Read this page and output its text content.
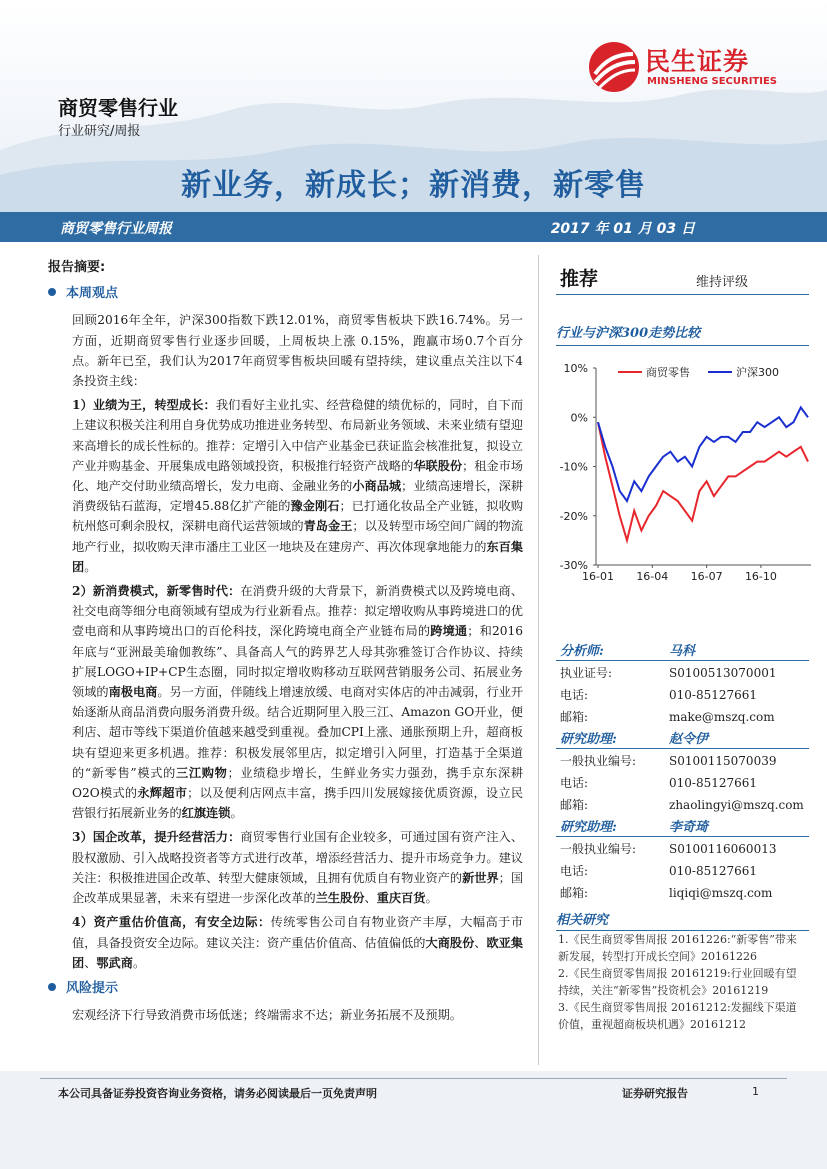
民生证券
MINSHENG SECURITIES
商贸零售行业
行业研究/周报
新业务，新成长；新消费，新零售
商贸零售行业周报	2017 年 01 月 03 日

报告摘要:

本周观点

回顾2016年全年，沪深300指数下跌12.01%，商贸零售板块下跌16.74%。另一方面，近期商贸零售行业逐步回暖，上周板块上涨 0.15%，跑赢市场0.7个百分点。新年已至，我们认为2017年商贸零售板块回暖有望持续，建议重点关注以下4条投资主线：

1）业绩为王，转型成长：我们看好主业扎实、经营稳健的绩优标的，同时，自下而上建议积极关注利用自身优势成功推进业务转型、布局新业务领域、未来业绩有望迎来高增长的成长性标的。推荐：定增引入中信产业基金已获证监会核准批复，拟设立产业并购基金、开展集成电路领域投资，积极推行轻资产战略的华联股份；租金市场化、地产交付助业绩高增长，发力电商、金融业务的小商品城；业绩高速增长，深耕消费级钻石蓝海，定增45.88亿扩产能的豫金刚石；已打通化妆品全产业链，拟收购杭州悠可剩余股权，深耕电商代运营领域的青岛金王；以及转型市场空间广阔的物流地产行业，拟收购天津市潘庄工业区一地块及在建房产、再次体现拿地能力的东百集团。

2）新消费模式，新零售时代：在消费升级的大背景下，新消费模式以及跨境电商、社交电商等细分电商领域有望成为行业新看点。推荐：拟定增收购从事跨境进口的优壹电商和从事跨境出口的百伦科技，深化跨境电商全产业链布局的跨境通；和2016年底与“亚洲最美瑜伽教练”、具备高人气的跨界艺人母其弥雅签订合作协议、持续扩展LOGO+IP+CP生态圈，同时拟定增收购移动互联网营销服务公司、拓展业务领域的南极电商。另一方面，伴随线上增速放缓、电商对实体店的冲击减弱，行业开始逐渐从商品消费向服务消费升级。结合近期阿里入股三江、Amazon GO开业，便利店、超市等线下渠道价值越来越受到重视。叠加CPI上涨、通胀预期上升，超商板块有望迎来更多机遇。推荐：积极发展邻里店，拟定增引入阿里，打造基于全渠道的“新零售”模式的三江购物；业绩稳步增长，生鲜业务实力强劲，携手京东深耕O2O模式的永辉超市；以及便利店网点丰富，携手四川发展嫁接优质资源，设立民营银行拓展新业务的红旗连锁。

3）国企改革，提升经营活力：商贸零售行业国有企业较多，可通过国有资产注入、股权激励、引入战略投资者等方式进行改革，增添经营活力、提升市场竞争力。建议关注：积极推进国企改革、转型大健康领域，且拥有优质自有物业资产的新世界；国企改革成果显著，未来有望进一步深化改革的兰生股份、重庆百货。

4）资产重估价值高，有安全边际：传统零售公司自有物业资产丰厚，大幅高于市值，具备投资安全边际。建议关注：资产重估价值高、估值偏低的大商股份、欧亚集团、鄂武商。

风险提示

宏观经济下行导致消费市场低迷；终端需求不达；新业务拓展不及预期。

推荐	维持评级
行业与沪深300走势比较
10%
0%
-10%
-20%
-30%
16-01 16-04 16-07 16-10
商贸零售	沪深300
分析师:	马科
执业证号:	S0100513070001
电话:	010-85127661
邮箱:	make@mszq.com
研究助理:	赵令伊
一般执业编号:	S0100115070039
电话:	010-85127661
邮箱:	zhaolingyi@mszq.com
研究助理:	李奇琦
一般执业编号:	S0100116060013
电话:	010-85127661
邮箱:	liqiqi@mszq.com
相关研究
1.《民生商贸零售周报 20161226:“新零售”带来新发展，转型打开成长空间》20161226
2.《民生商贸零售周报 20161219:行业回暖有望持续，关注“新零售”投资机会》20161219
3.《民生商贸零售周报 20161212:发掘线下渠道价值，重视超商板块机遇》20161212
本公司具备证券投资咨询业务资格，请务必阅读最后一页免责声明	证券研究报告	1
